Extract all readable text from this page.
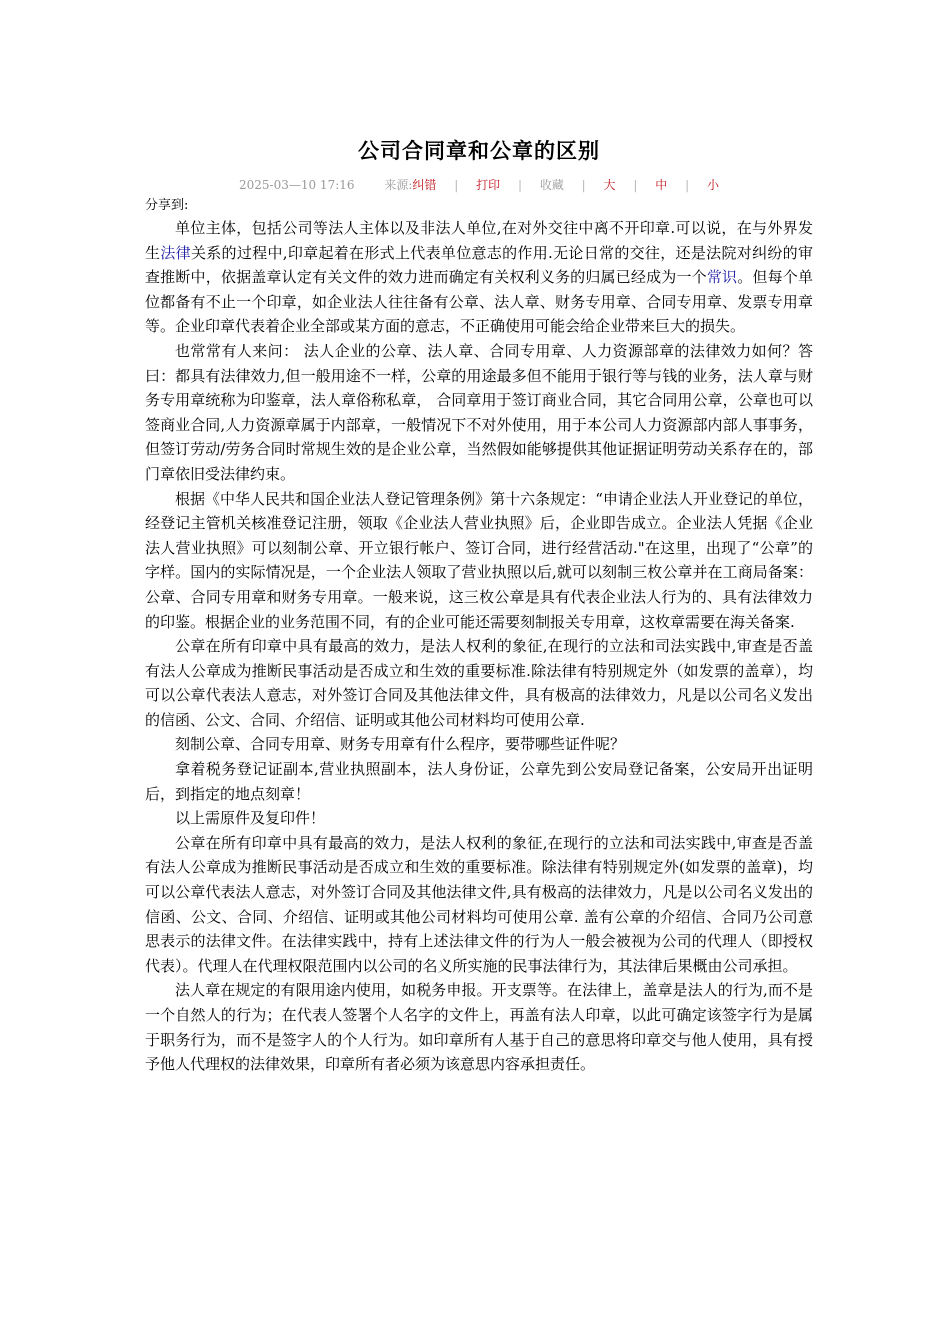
公司合同章和公章的区别
2025-03—10 17:16 来源:纠错 | 打印 | 收藏 | 大 | 中 | 小
分享到:

单位主体，包括公司等法人主体以及非法人单位,在对外交往中离不开印章.可以说，在与外界发生法律关系的过程中,印章起着在形式上代表单位意志的作用.无论日常的交往，还是法院对纠纷的审查推断中，依据盖章认定有关文件的效力进而确定有关权利义务的归属已经成为一个常识。但每个单位都备有不止一个印章，如企业法人往往备有公章、法人章、财务专用章、合同专用章、发票专用章等。企业印章代表着企业全部或某方面的意志，不正确使用可能会给企业带来巨大的损失。

也常常有人来问： 法人企业的公章、法人章、合同专用章、人力资源部章的法律效力如何？答曰：都具有法律效力,但一般用途不一样，公章的用途最多但不能用于银行等与钱的业务，法人章与财务专用章统称为印鉴章，法人章俗称私章， 合同章用于签订商业合同，其它合同用公章，公章也可以签商业合同,人力资源章属于内部章，一般情况下不对外使用，用于本公司人力资源部内部人事事务，但签订劳动/劳务合同时常规生效的是企业公章，当然假如能够提供其他证据证明劳动关系存在的，部门章依旧受法律约束。

根据《中华人民共和国企业法人登记管理条例》第十六条规定：“申请企业法人开业登记的单位，经登记主管机关核准登记注册，领取《企业法人营业执照》后，企业即告成立。企业法人凭据《企业法人营业执照》可以刻制公章、开立银行帐户、签订合同，进行经营活动."在这里，出现了“公章”的字样。国内的实际情况是，一个企业法人领取了营业执照以后,就可以刻制三枚公章并在工商局备案：公章、合同专用章和财务专用章。一般来说，这三枚公章是具有代表企业法人行为的、具有法律效力的印鉴。根据企业的业务范围不同，有的企业可能还需要刻制报关专用章，这枚章需要在海关备案.

公章在所有印章中具有最高的效力，是法人权利的象征,在现行的立法和司法实践中,审查是否盖有法人公章成为推断民事活动是否成立和生效的重要标准.除法律有特别规定外（如发票的盖章），均可以公章代表法人意志，对外签订合同及其他法律文件，具有极高的法律效力，凡是以公司名义发出的信函、公文、合同、介绍信、证明或其他公司材料均可使用公章.

刻制公章、合同专用章、财务专用章有什么程序，要带哪些证件呢？

拿着税务登记证副本,营业执照副本，法人身份证，公章先到公安局登记备案，公安局开出证明后，到指定的地点刻章！

以上需原件及复印件！

公章在所有印章中具有最高的效力，是法人权利的象征,在现行的立法和司法实践中,审查是否盖有法人公章成为推断民事活动是否成立和生效的重要标准。除法律有特别规定外(如发票的盖章)，均可以公章代表法人意志，对外签订合同及其他法律文件,具有极高的法律效力，凡是以公司名义发出的信函、公文、合同、介绍信、证明或其他公司材料均可使用公章. 盖有公章的介绍信、合同乃公司意思表示的法律文件。在法律实践中，持有上述法律文件的行为人一般会被视为公司的代理人（即授权代表）。代理人在代理权限范围内以公司的名义所实施的民事法律行为，其法律后果概由公司承担。

法人章在规定的有限用途内使用，如税务申报。开支票等。在法律上，盖章是法人的行为,而不是一个自然人的行为；在代表人签署个人名字的文件上，再盖有法人印章，以此可确定该签字行为是属于职务行为，而不是签字人的个人行为。如印章所有人基于自己的意思将印章交与他人使用，具有授予他人代理权的法律效果，印章所有者必须为该意思内容承担责任。
